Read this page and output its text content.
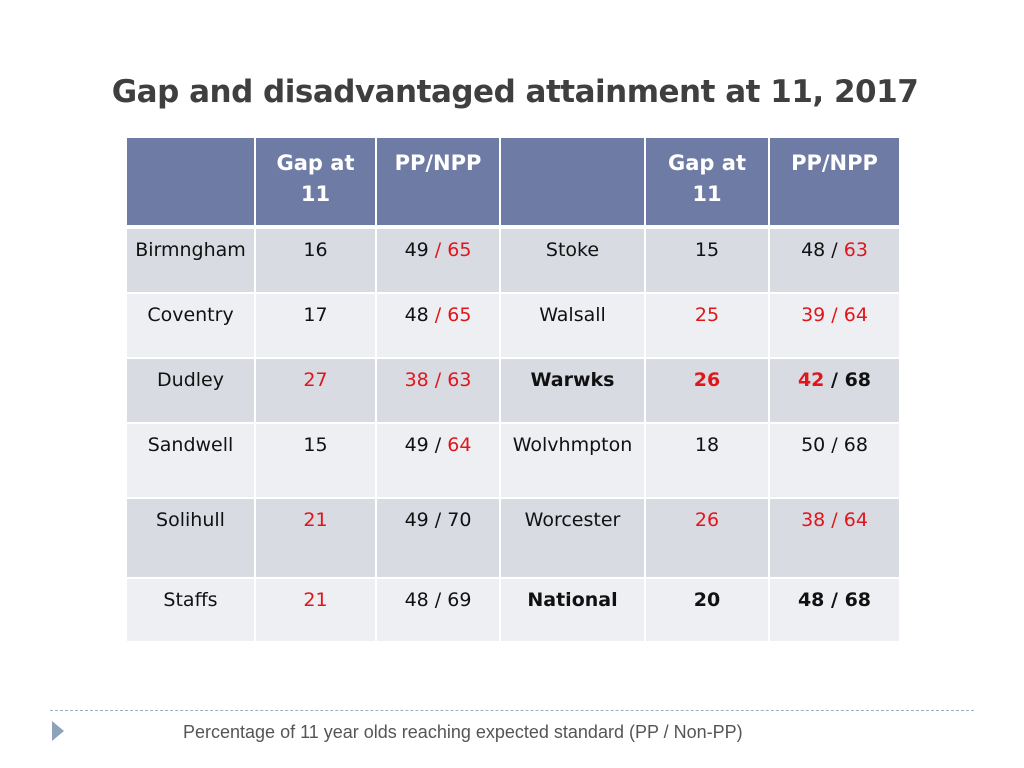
Gap and disadvantaged attainment at 11, 2017
	Gap at 11	PP/NPP		Gap at 11	PP/NPP
Birmngham	16	49 / 65	Stoke	15	48 / 63
Coventry	17	48 / 65	Walsall	25	39 / 64
Dudley	27	38 / 63	Warwks	26	42 / 68
Sandwell	15	49 / 64	Wolvhmpton	18	50 / 68
Solihull	21	49 / 70	Worcester	26	38 / 64
Staffs	21	48 / 69	National	20	48 / 68
Percentage of 11 year olds reaching expected standard (PP / Non-PP)
